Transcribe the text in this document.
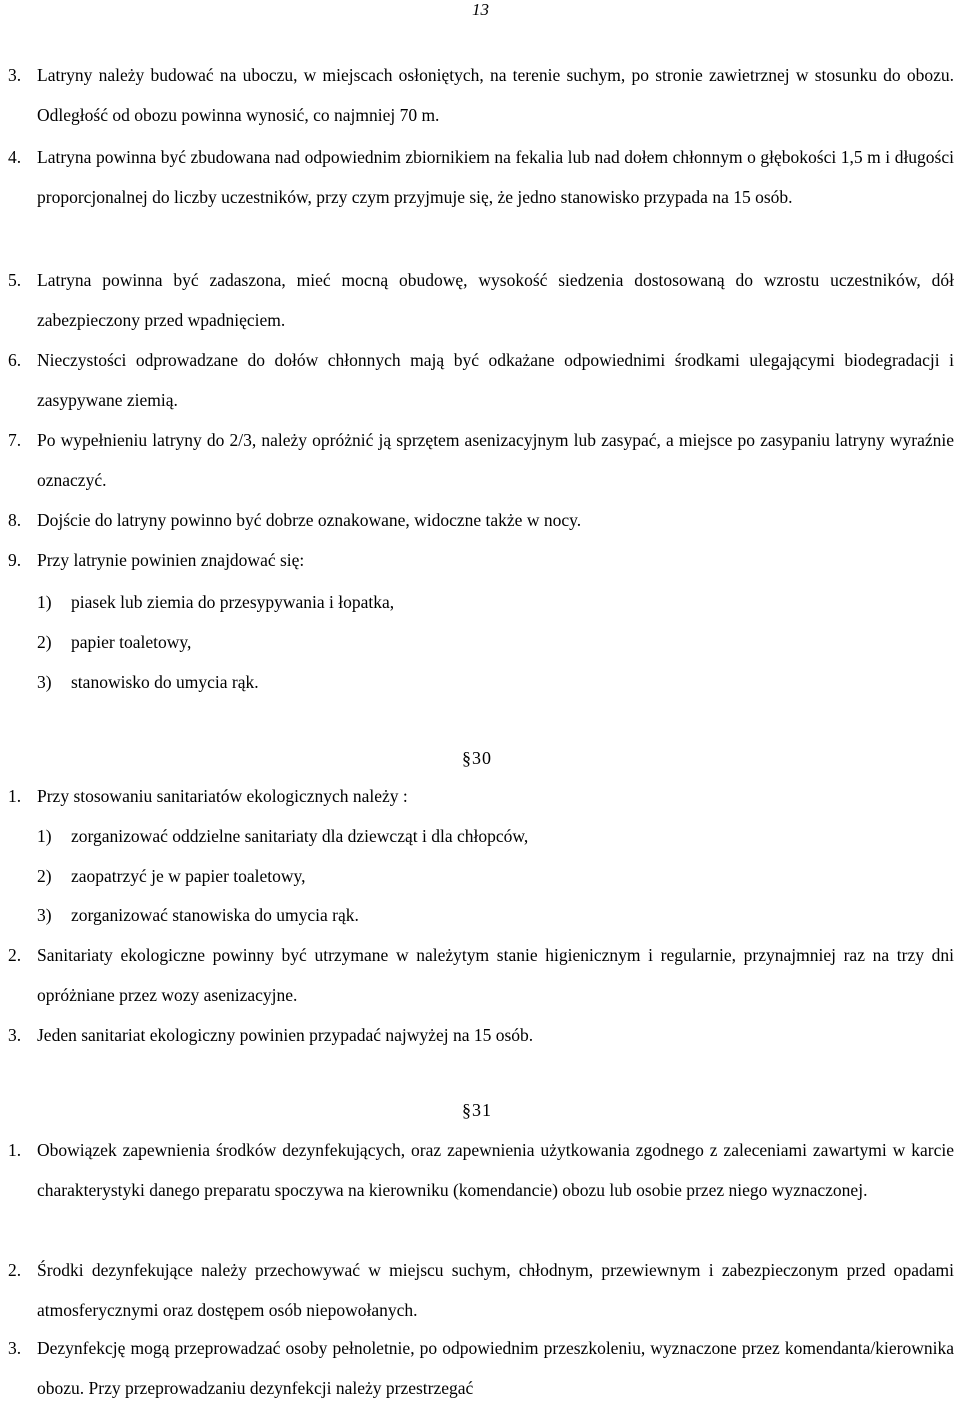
13
3. Latryny należy budować na uboczu, w miejscach osłoniętych, na terenie suchym, po stronie zawietrznej w stosunku do obozu. Odległość od obozu powinna wynosić, co najmniej 70 m.
4. Latryna powinna być zbudowana nad odpowiednim zbiornikiem na fekalia lub nad dołem chłonnym o głębokości 1,5 m i długości proporcjonalnej do liczby uczestników, przy czym przyjmuje się, że jedno stanowisko przypada na 15 osób.
5. Latryna powinna być zadaszona, mieć mocną obudowę, wysokość siedzenia dostosowaną do wzrostu uczestników, dół zabezpieczony przed wpadnięciem.
6. Nieczystości odprowadzane do dołów chłonnych mają być odkażane odpowiednimi środkami ulegającymi biodegradacji i zasypywane ziemią.
7. Po wypełnieniu latryny do 2/3, należy opróżnić ją sprzętem asenizacyjnym lub zasypać, a miejsce po zasypaniu latryny wyraźnie oznaczyć.
8. Dojście do latryny powinno być dobrze oznakowane, widoczne także w nocy.
9. Przy latrynie powinien znajdować się:
1) piasek lub ziemia do przesypywania i łopatka,
2) papier toaletowy,
3) stanowisko do umycia rąk.
§30
1. Przy stosowaniu sanitariatów ekologicznych należy :
1) zorganizować oddzielne sanitariaty dla dziewcząt i dla chłopców,
2) zaopatrzyć je w papier toaletowy,
3) zorganizować stanowiska do umycia rąk.
2. Sanitariaty ekologiczne powinny być utrzymane w należytym stanie higienicznym i regularnie, przynajmniej raz na trzy dni opróżniane przez wozy asenizacyjne.
3. Jeden sanitariat ekologiczny powinien przypadać najwyżej na 15 osób.
§31
1. Obowiązek zapewnienia środków dezynfekujących, oraz zapewnienia użytkowania zgodnego z zaleceniami zawartymi w karcie charakterystyki danego preparatu spoczywa na kierowniku (komendancie) obozu lub osobie przez niego wyznaczonej.
2. Środki dezynfekujące należy przechowywać w miejscu suchym, chłodnym, przewiewnym i zabezpieczonym przed opadami atmosferycznymi oraz dostępem osób niepowołanych.
3. Dezynfekcję mogą przeprowadzać osoby pełnoletnie, po odpowiednim przeszkoleniu, wyznaczone przez komendanta/kierownika obozu. Przy przeprowadzaniu dezynfekcji należy przestrzegać
